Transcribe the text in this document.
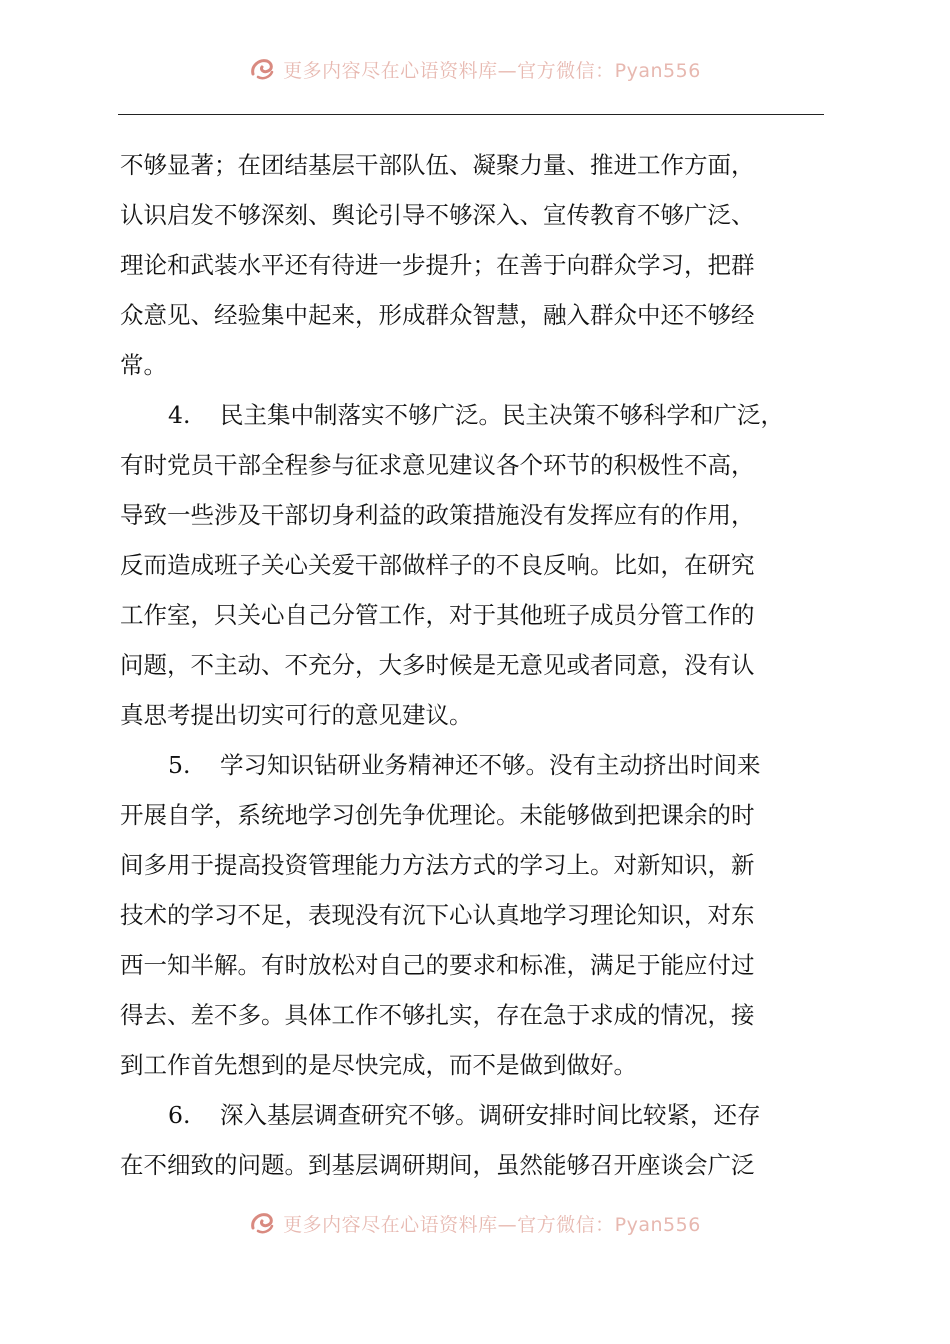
更多内容尽在心语资料库—官方微信：Pyan556
不够显著；在团结基层干部队伍、凝聚力量、推进工作方面，
认识启发不够深刻、舆论引导不够深入、宣传教育不够广泛、
理论和武装水平还有待进一步提升；在善于向群众学习，把群
众意见、经验集中起来，形成群众智慧，融入群众中还不够经
常。
4. 民主集中制落实不够广泛。民主决策不够科学和广泛，
有时党员干部全程参与征求意见建议各个环节的积极性不高，
导致一些涉及干部切身利益的政策措施没有发挥应有的作用，
反而造成班子关心关爱干部做样子的不良反响。比如，在研究
工作室，只关心自己分管工作，对于其他班子成员分管工作的
问题，不主动、不充分，大多时候是无意见或者同意，没有认
真思考提出切实可行的意见建议。
5. 学习知识钻研业务精神还不够。没有主动挤出时间来
开展自学，系统地学习创先争优理论。未能够做到把课余的时
间多用于提高投资管理能力方法方式的学习上。对新知识，新
技术的学习不足，表现没有沉下心认真地学习理论知识，对东
西一知半解。有时放松对自己的要求和标准，满足于能应付过
得去、差不多。具体工作不够扎实，存在急于求成的情况，接
到工作首先想到的是尽快完成，而不是做到做好。
6. 深入基层调查研究不够。调研安排时间比较紧，还存
在不细致的问题。到基层调研期间，虽然能够召开座谈会广泛
更多内容尽在心语资料库—官方微信：Pyan556
